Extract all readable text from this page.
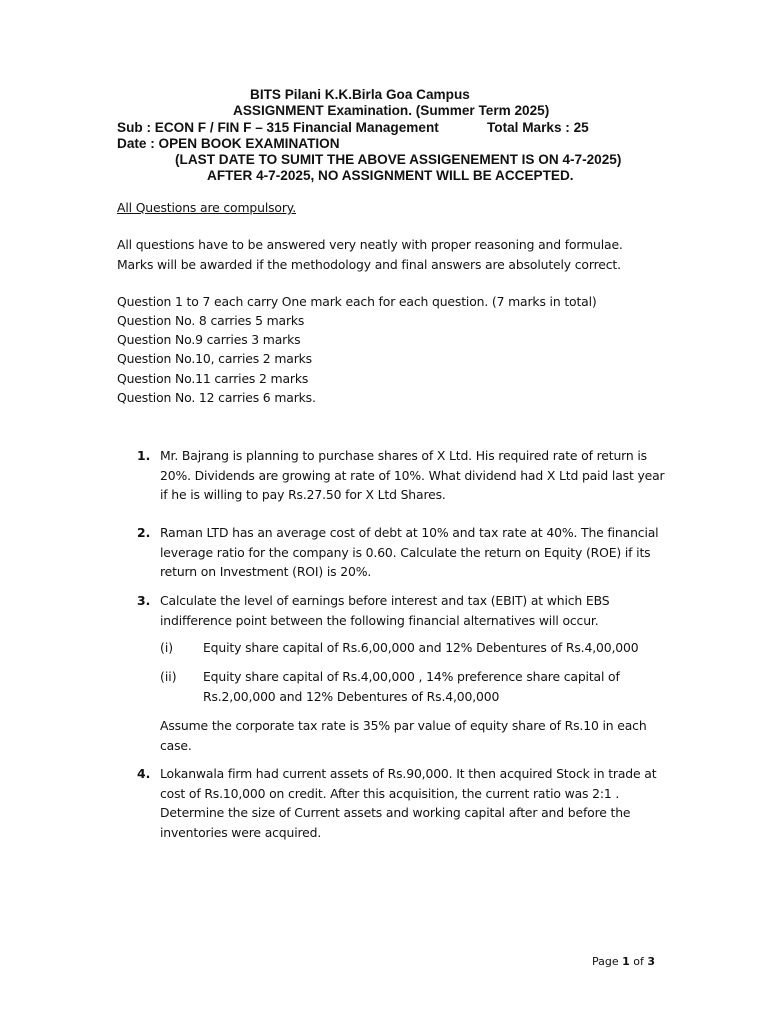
BITS Pilani K.K.Birla Goa Campus
ASSIGNMENT Examination. (Summer Term 2025)
Sub : ECON F / FIN F – 315 Financial Management	Total Marks : 25
Date : OPEN BOOK EXAMINATION
(LAST DATE TO SUMIT THE ABOVE ASSIGENEMENT IS ON 4-7-2025)
AFTER 4-7-2025, NO ASSIGNMENT WILL BE ACCEPTED.
All Questions are compulsory.
All questions have to be answered very neatly with proper reasoning and formulae.
Marks will be awarded if the methodology and final answers are absolutely correct.
Question 1 to 7 each carry One mark each for each question. (7 marks in total)
Question No. 8 carries 5 marks
Question No.9 carries 3 marks
Question No.10, carries 2 marks
Question No.11 carries 2 marks
Question No. 12 carries 6 marks.
1. Mr. Bajrang is planning to purchase shares of X Ltd. His required rate of return is
20%. Dividends are growing at rate of 10%. What dividend had X Ltd paid last year
if he is willing to pay Rs.27.50 for X Ltd Shares.
2. Raman LTD has an average cost of debt at 10% and tax rate at 40%. The financial
leverage ratio for the company is 0.60. Calculate the return on Equity (ROE) if its
return on Investment (ROI) is 20%.
3. Calculate the level of earnings before interest and tax (EBIT) at which EBS
indifference point between the following financial alternatives will occur.
(i) Equity share capital of Rs.6,00,000 and 12% Debentures of Rs.4,00,000
(ii) Equity share capital of Rs.4,00,000 , 14% preference share capital of
Rs.2,00,000 and 12% Debentures of Rs.4,00,000
Assume the corporate tax rate is 35% par value of equity share of Rs.10 in each
case.
4. Lokanwala firm had current assets of Rs.90,000. It then acquired Stock in trade at
cost of Rs.10,000 on credit. After this acquisition, the current ratio was 2:1 .
Determine the size of Current assets and working capital after and before the
inventories were acquired.
Page 1 of 3
